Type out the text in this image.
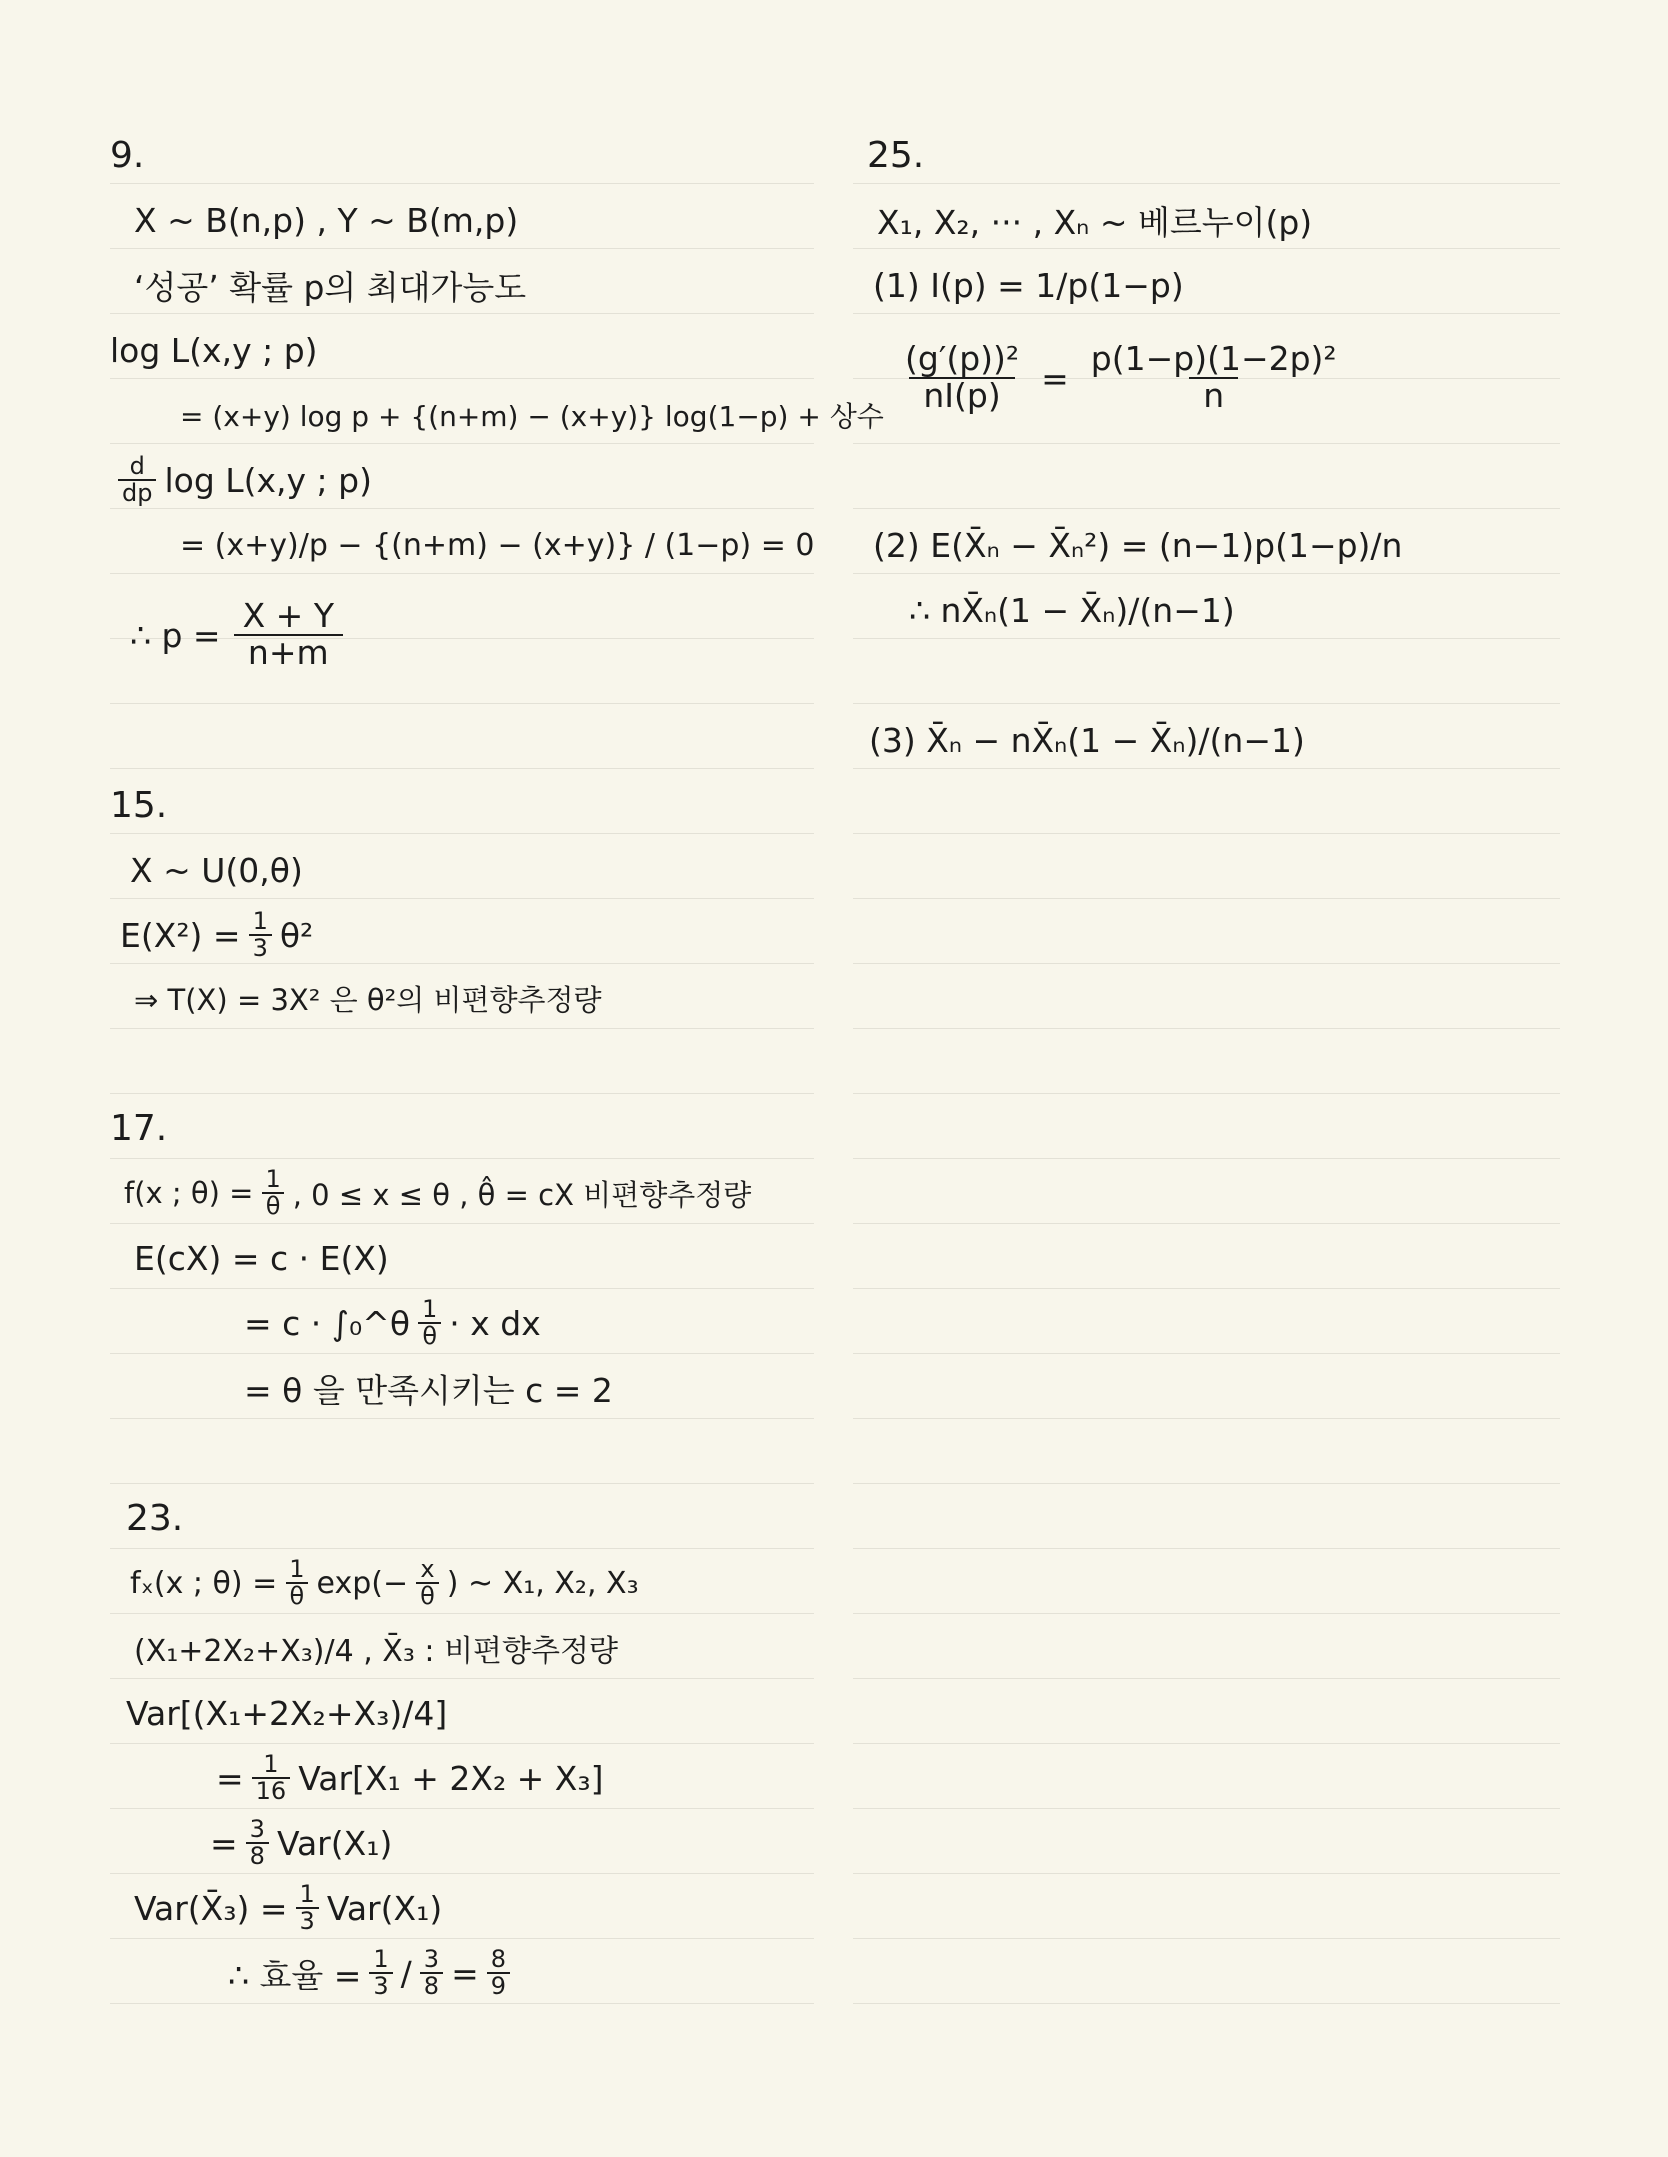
9.
X ~ B(n,p) , Y ~ B(m,p)
‘성공’ 확률 p의 최대가능도
log L(x,y ; p)
= (x+y) log p + {(n+m) − (x+y)} log(1−p) + 상수
$\frac{d}{dp}$ log L(x,y ; p)
= (x+y)/p − {(n+m) − (x+y)} / (1−p) = 0
∴ $p = \frac{X + Y}{n+m}$
15.
X ~ U(0,θ)
$E(X^2) = \frac{1}{3} \theta^2$
⇒ T(X) = 3X² 은 θ²의 비편향추정량
17.
f(x ; $\theta) = \frac{1}{\theta}$ , 0 ≤ x ≤ θ , θ̂ = cX 비편향추정량
E(cX) = c · E(X)
= c · ∫₀^θ $\frac{1}{\theta} \cdot x$ dx
= θ 을 만족시키는 c = 2
23.
fₓ(x ; $\theta) = \frac{1}{\theta} \exp(- \frac{x}{\theta}$ ) ~ X₁, X₂, X₃
(X₁+2X₂+X₃)/4 , X̄₃ : 비편향추정량
Var[(X₁+2X₂+X₃)/4]
= $\frac{1}{16} Var[X_1 + 2X_2 + X_3]$
= $\frac{3}{8} Var(X_1)$
Var(X̄₃) = $\frac{1}{3} Var(X_1)$
∴ 효율 = $\frac{1}{3} / \frac{3}{8} = \frac{8}{9}$
25.
X₁, X₂, ··· , Xₙ ~ 베르누이(p)
(1) I(p) = 1/p(1−p)
$\frac{\text{(g′(p))²}}{nI(p)} = \frac{\text{p(1−p)(1−2p)²}}{n}$
(2) E(X̄ₙ − X̄ₙ²) = (n−1)p(1−p)/n
∴ nX̄ₙ(1 − X̄ₙ)/(n−1)
(3) X̄ₙ − nX̄ₙ(1 − X̄ₙ)/(n−1)
